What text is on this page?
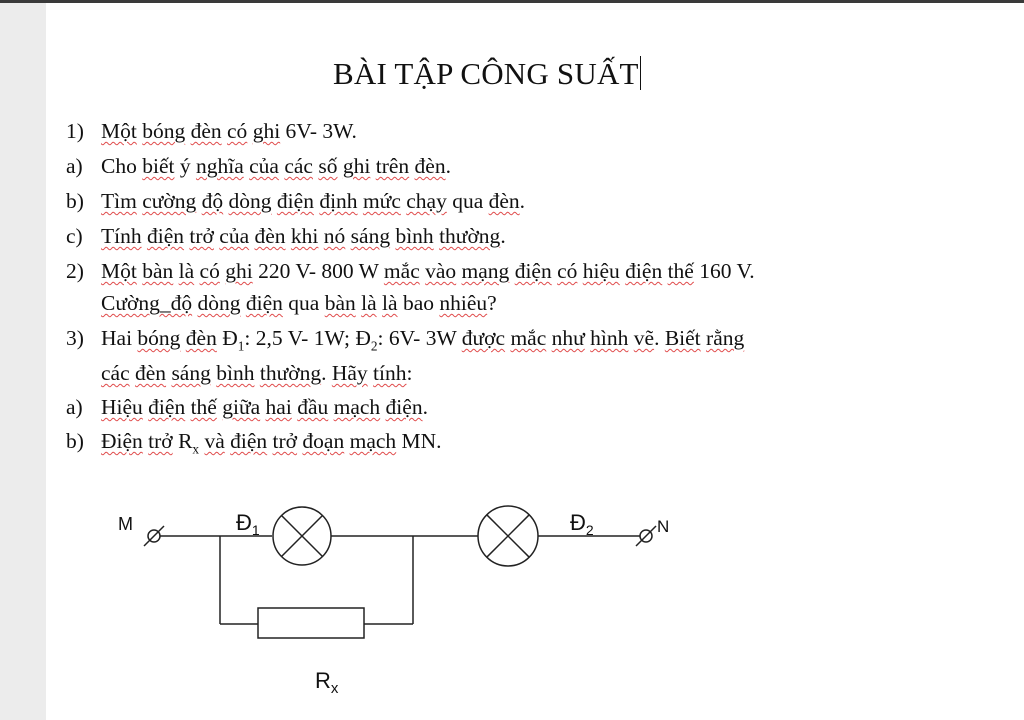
BÀI TẬP CÔNG SUẤT
1) Một bóng đèn có ghi 6V- 3W.
a) Cho biết ý nghĩa của các số ghi trên đèn.
b) Tìm cường độ dòng điện định mức chạy qua đèn.
c) Tính điện trở của đèn khi nó sáng bình thường.
2) Một bàn là có ghi 220 V- 800 W mắc vào mạng điện có hiệu điện thế 160 V.
Cường_độ dòng điện qua bàn là là bao nhiêu?
3) Hai bóng đèn $Đ_1$: 2,5 V- 1W; $Đ_2$: 6V- 3W được mắc như hình vẽ. Biết rằng
các đèn sáng bình thường. Hãy tính:
a) Hiệu điện thế giữa hai đầu mạch điện.
b) Điện trở $R_x$ và điện trở đoạn mạch MN.
M	N
$Đ_1$	$Đ_2$
$R_x$
